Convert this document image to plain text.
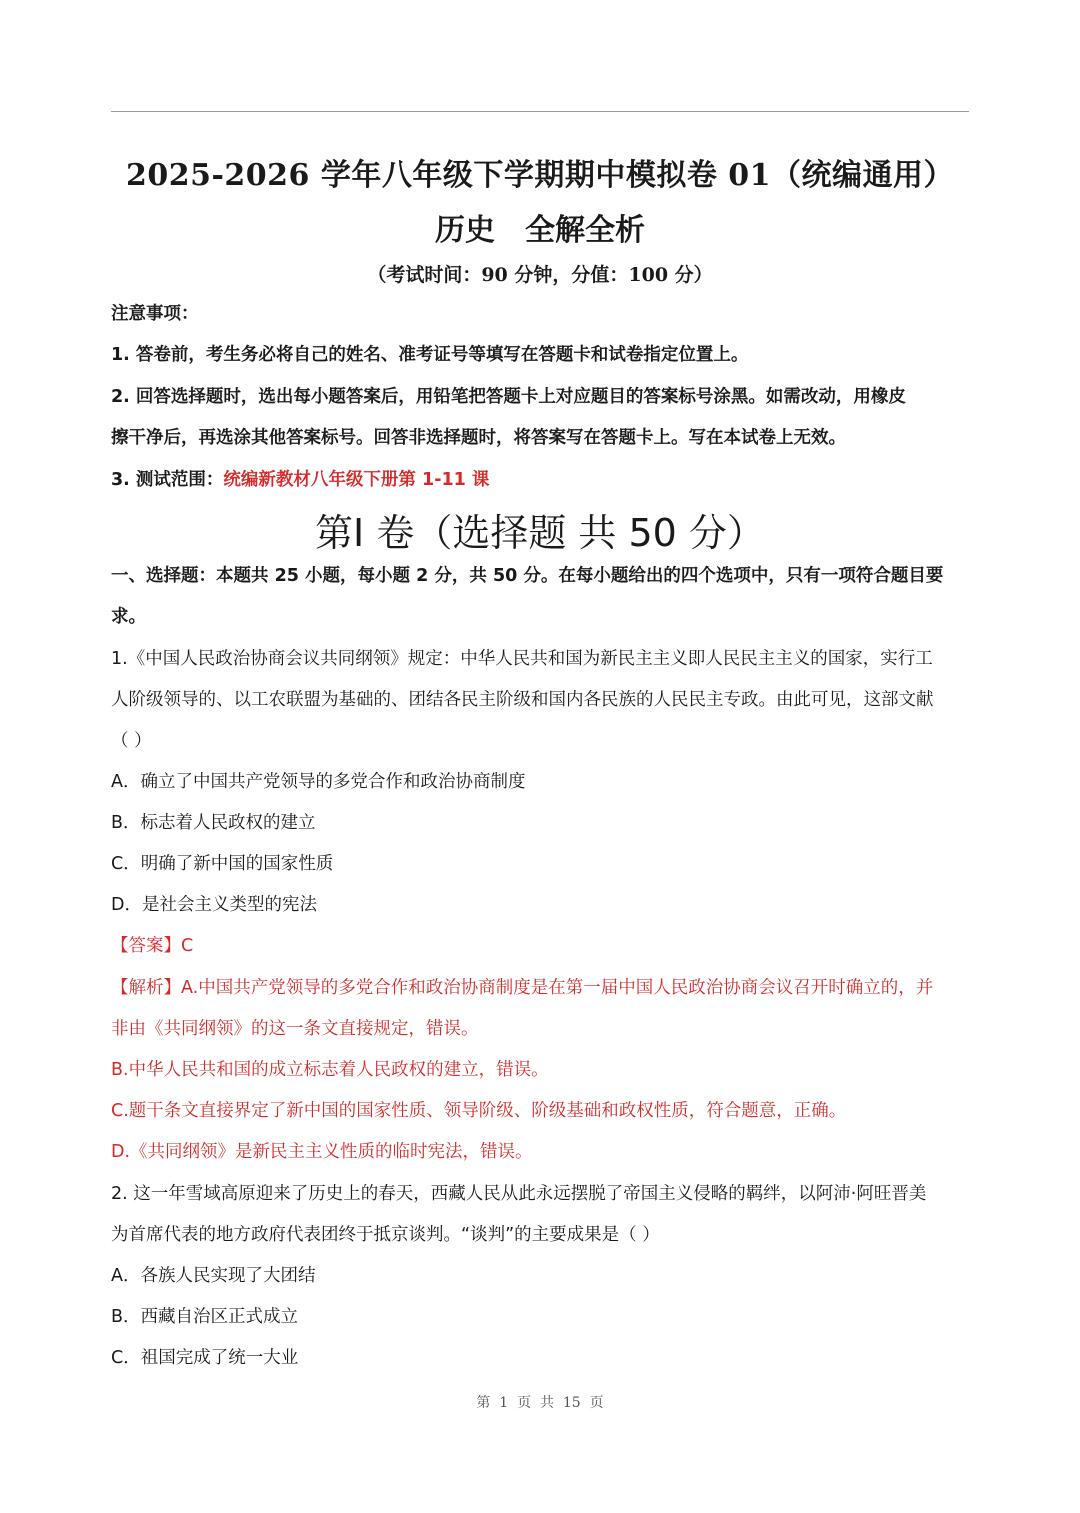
2025-2026 学年八年级下学期期中模拟卷 01（统编通用）
历史　全解全析
（考试时间：90 分钟，分值：100 分）
注意事项：
1. 答卷前，考生务必将自己的姓名、准考证号等填写在答题卡和试卷指定位置上。
2. 回答选择题时，选出每小题答案后，用铅笔把答题卡上对应题目的答案标号涂黑。如需改动，用橡皮
擦干净后，再选涂其他答案标号。回答非选择题时，将答案写在答题卡上。写在本试卷上无效。
3. 测试范围：统编新教材八年级下册第 1-11 课
第Ⅰ 卷（选择题 共 50 分）
一、选择题：本题共 25 小题，每小题 2 分，共 50 分。在每小题给出的四个选项中，只有一项符合题目要
求。
1.《中国人民政治协商会议共同纲领》规定：中华人民共和国为新民主主义即人民民主主义的国家，实行工
人阶级领导的、以工农联盟为基础的、团结各民主阶级和国内各民族的人民民主专政。由此可见，这部文献
（ ）
A．确立了中国共产党领导的多党合作和政治协商制度
B．标志着人民政权的建立
C．明确了新中国的国家性质
D．是社会主义类型的宪法
【答案】C
【解析】A.中国共产党领导的多党合作和政治协商制度是在第一届中国人民政治协商会议召开时确立的，并
非由《共同纲领》的这一条文直接规定，错误。
B.中华人民共和国的成立标志着人民政权的建立，错误。
C.题干条文直接界定了新中国的国家性质、领导阶级、阶级基础和政权性质，符合题意，正确。
D.《共同纲领》是新民主主义性质的临时宪法，错误。
2. 这一年雪域高原迎来了历史上的春天，西藏人民从此永远摆脱了帝国主义侵略的羁绊，以阿沛·阿旺晋美
为首席代表的地方政府代表团终于抵京谈判。“谈判”的主要成果是（ ）
A．各族人民实现了大团结
B．西藏自治区正式成立
C．祖国完成了统一大业
第  1  页  共  15  页
